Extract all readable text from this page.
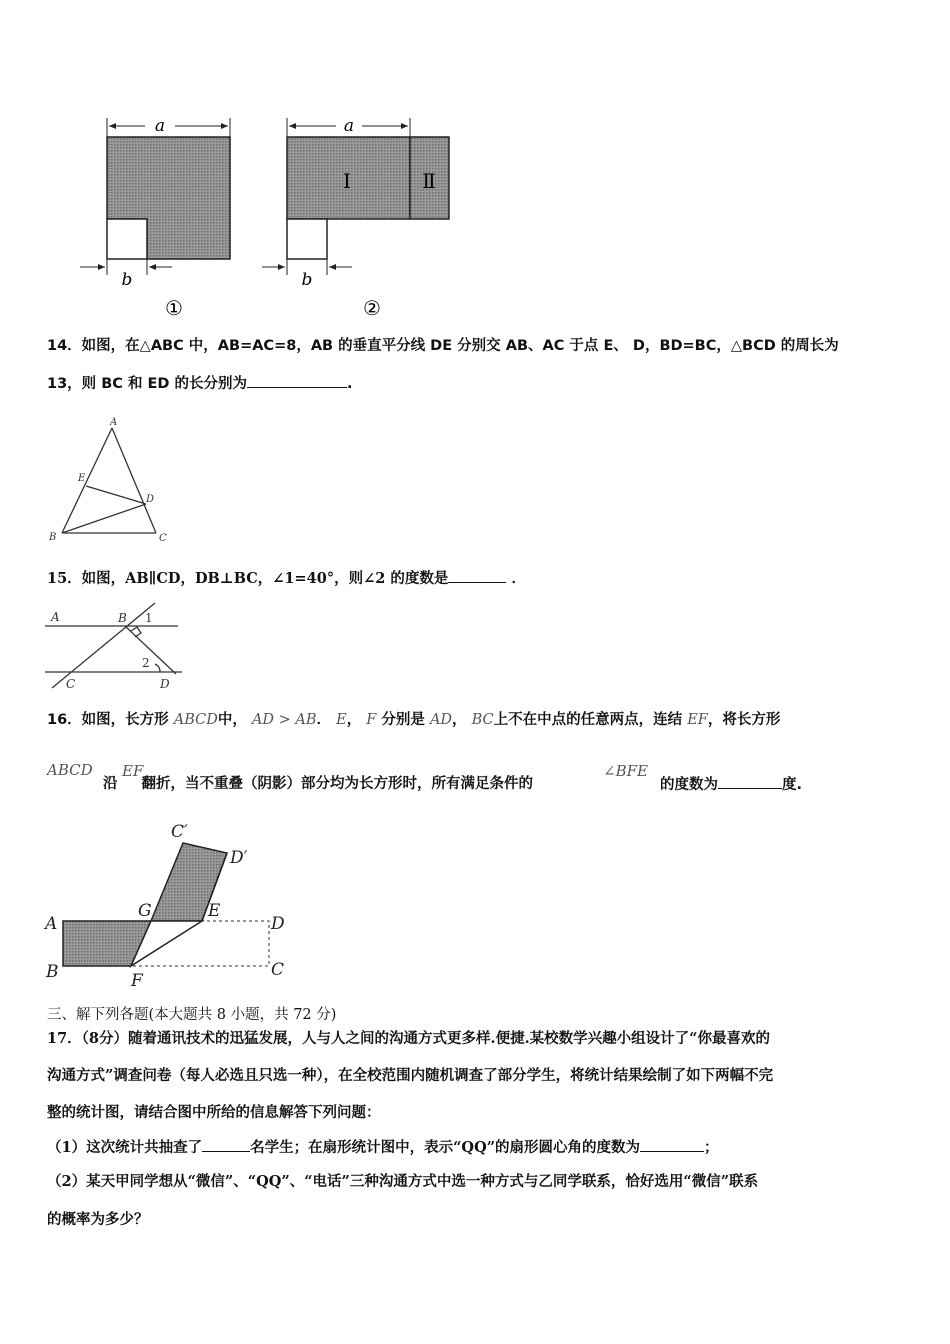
a
b
①
a
b
Ⅰ	Ⅱ
②
A
B	C
D
E
A	B
C	D
1
2
A
B	C
D
E
F
G
C′
D′
14．如图，在△ABC 中，AB=AC=8，AB 的垂直平分线 DE 分别交 AB、AC 于点 E、 D，BD=BC，△BCD 的周长为
13，则 BC 和 ED 的长分别为	.
15．如图，AB∥CD，DB⊥BC，∠1=40°，则∠2 的度数是	．
16．如图，长方形 ABCD中， AD > AB． E， F 分别是 AD， BC上不在中点的任意两点，连结 EF，将长方形
ABCD EF	∠BFE
沿 翻折，当不重叠（阴影）部分均为长方形时，所有满足条件的	的度数为	度.
三、解下列各题(本大题共 8 小题，共 72 分)
17．（8分）随着通讯技术的迅猛发展，人与人之间的沟通方式更多样.便捷.某校数学兴趣小组设计了“你最喜欢的
沟通方式”调查问卷（每人必选且只选一种），在全校范围内随机调查了部分学生，将统计结果绘制了如下两幅不完
整的统计图，请结合图中所给的信息解答下列问题：
（1）这次统计共抽查了	名学生；在扇形统计图中，表示“QQ”的扇形圆心角的度数为	；
（2）某天甲同学想从“微信”、“QQ”、“电话”三种沟通方式中选一种方式与乙同学联系，恰好选用“微信”联系
的概率为多少？
